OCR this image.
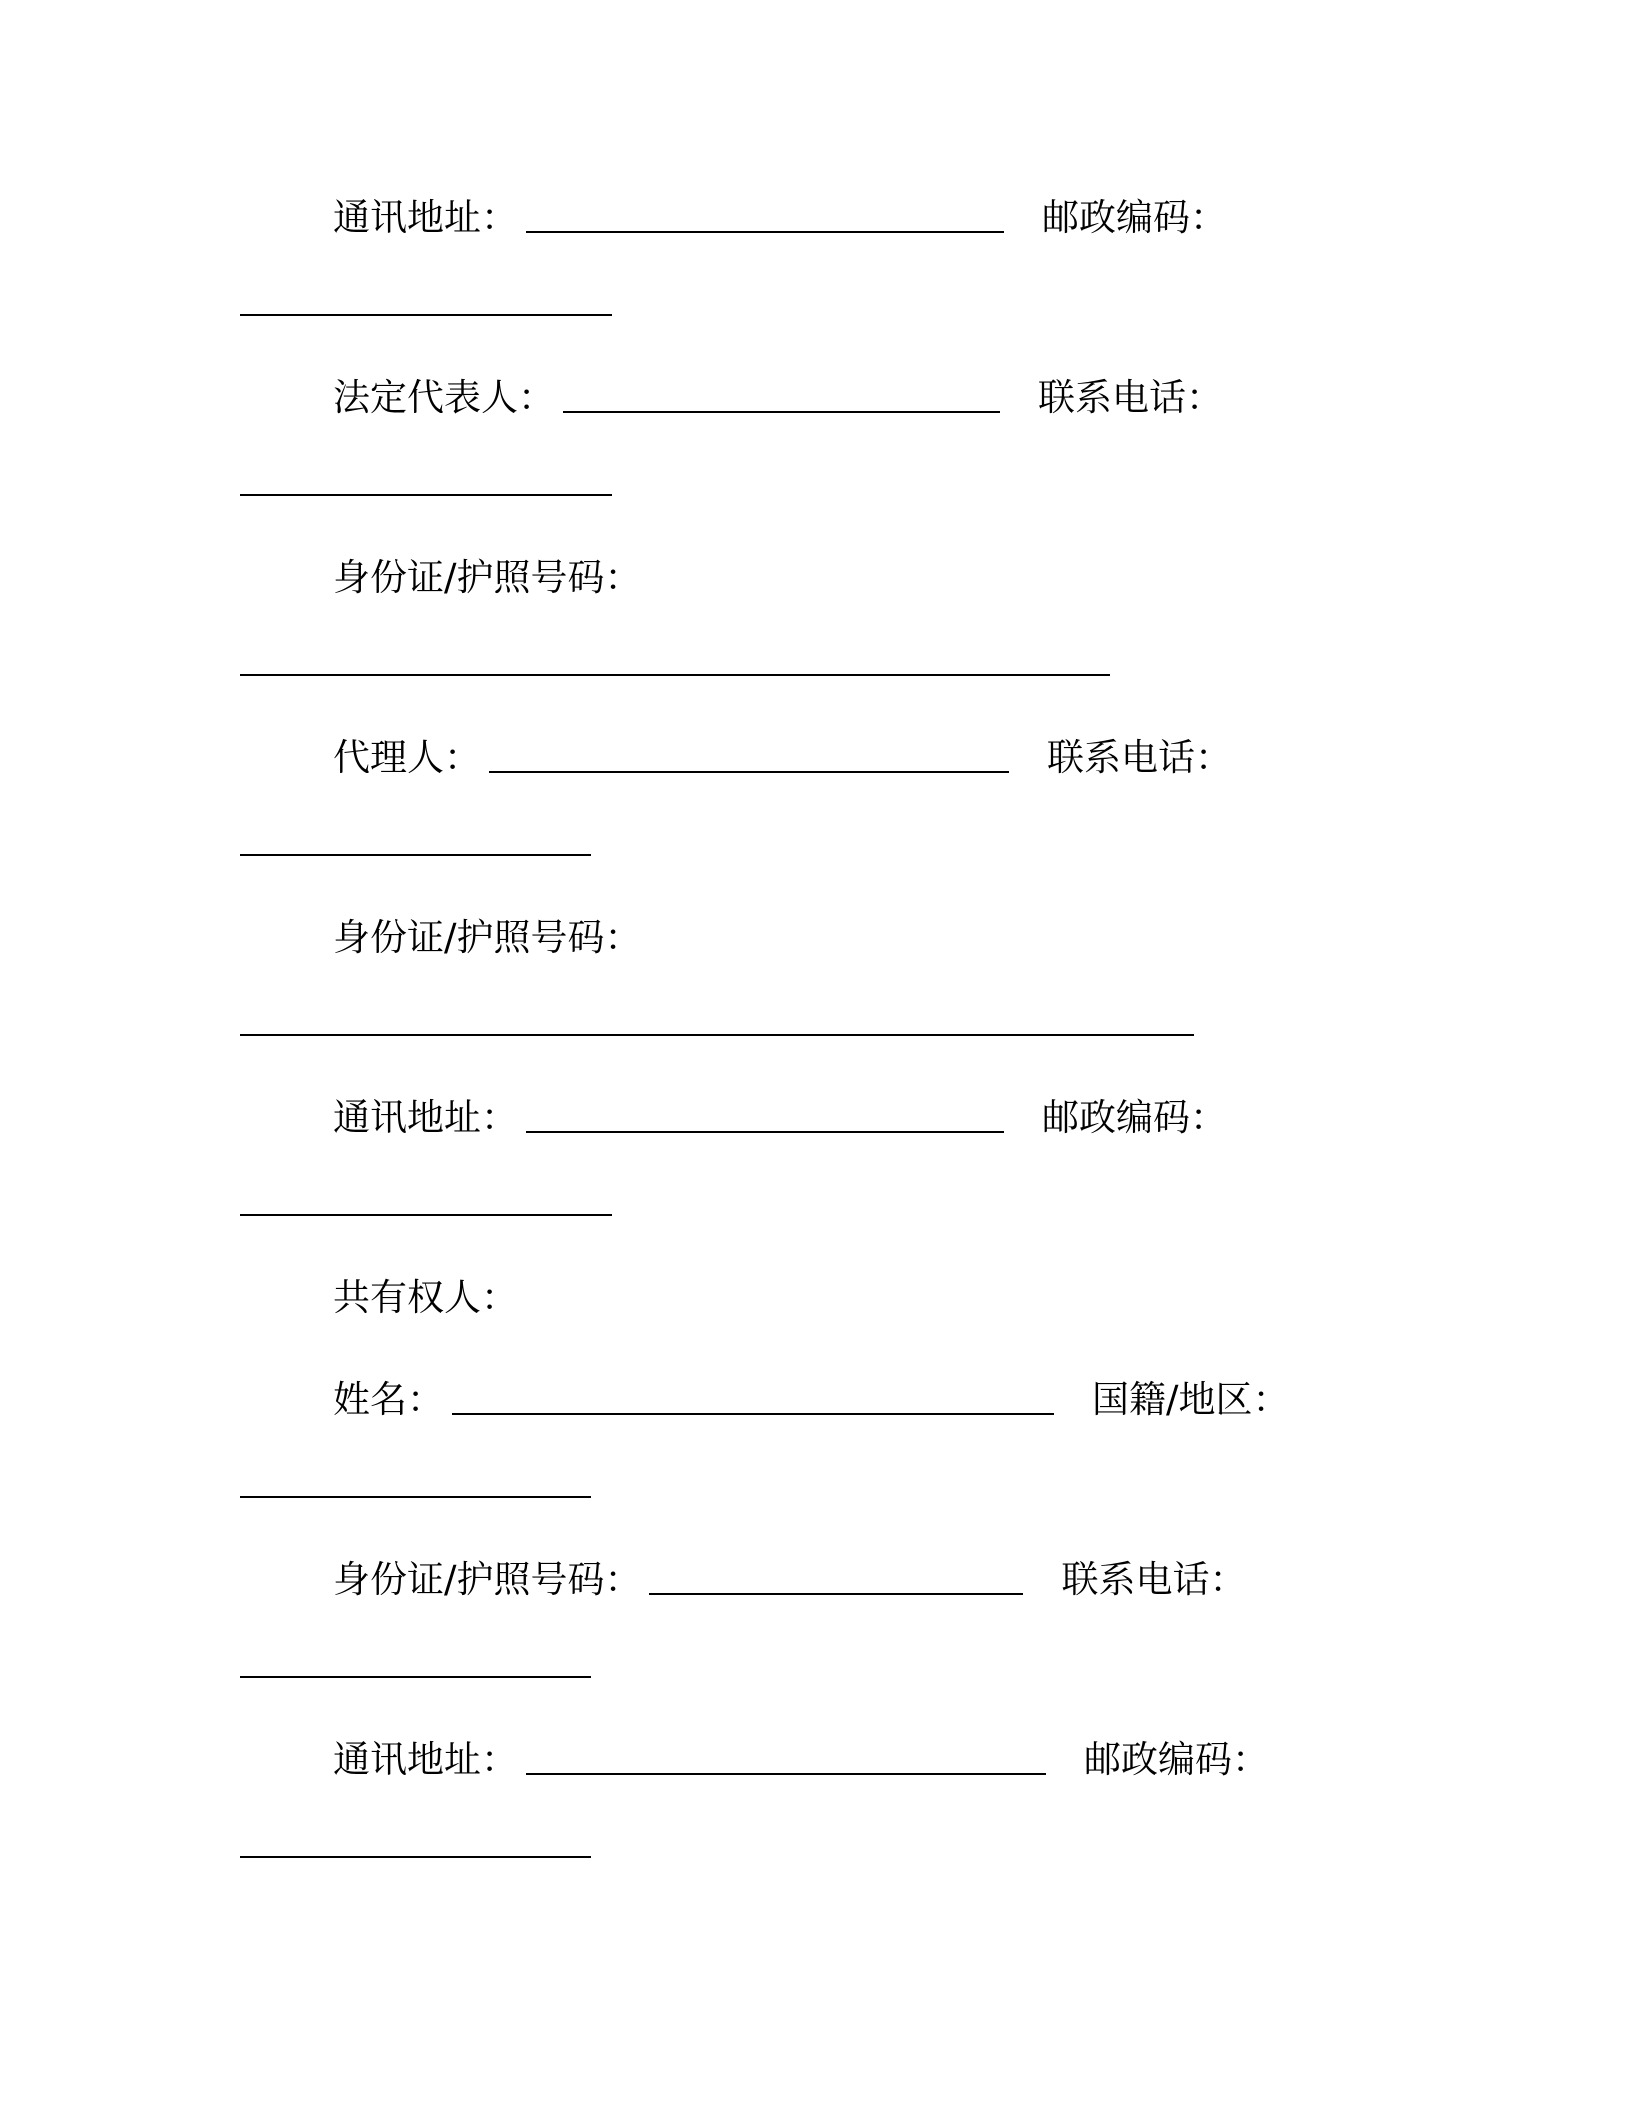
通讯地址：	邮政编码：
法定代表人：	联系电话：
身份证/护照号码：
代理人：	联系电话：
身份证/护照号码：
通讯地址：	邮政编码：
共有权人：
姓名：	国籍/地区：
身份证/护照号码：	联系电话：
通讯地址：	邮政编码：
